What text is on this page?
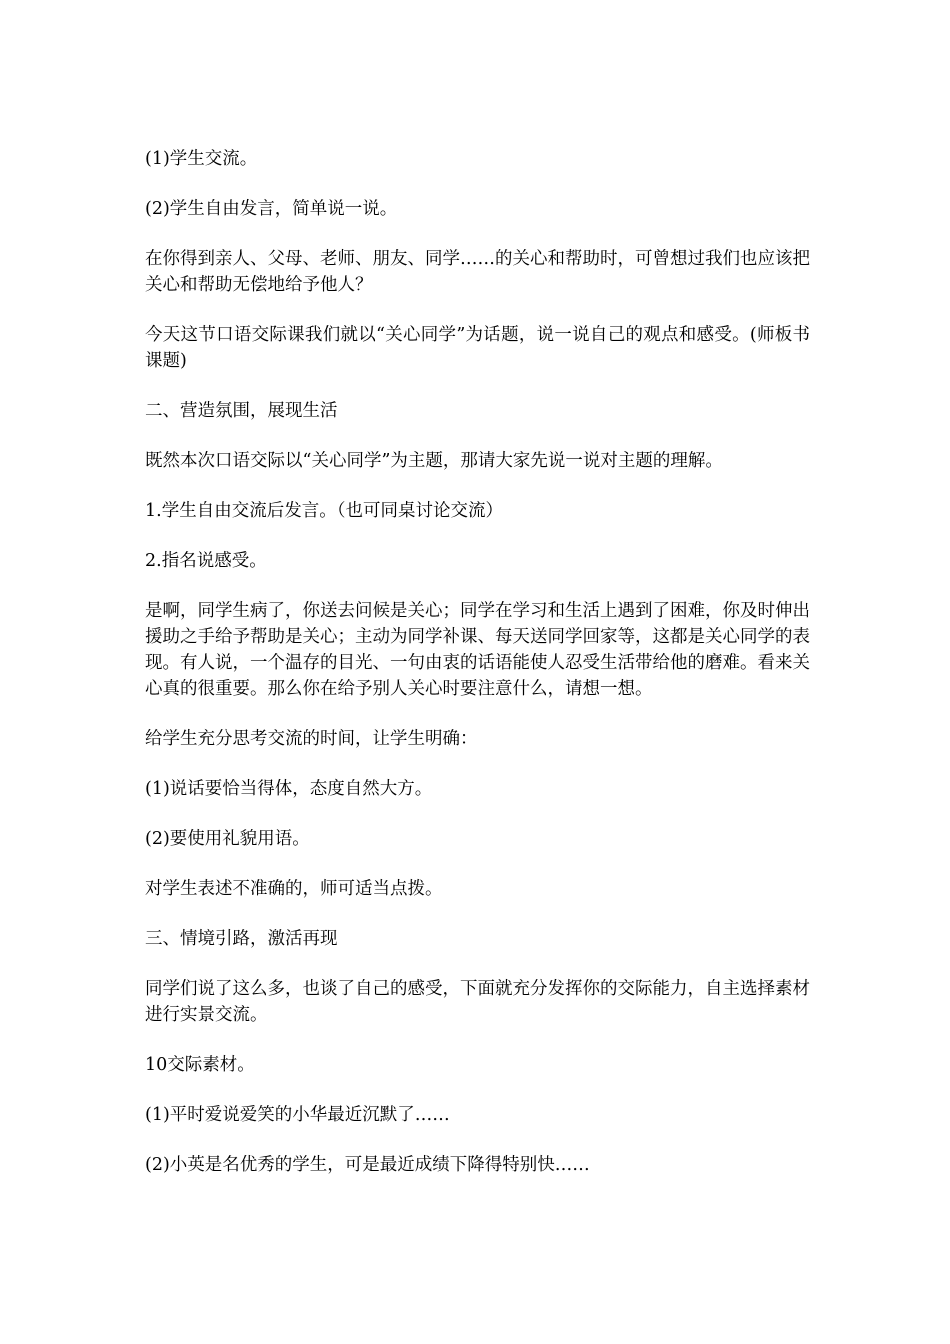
(1)学生交流。

(2)学生自由发言，简单说一说。

在你得到亲人、父母、老师、朋友、同学……的关心和帮助时，可曾想过我们也应该把关心和帮助无偿地给予他人？

今天这节口语交际课我们就以“关心同学”为话题，说一说自己的观点和感受。(师板书课题)

二、营造氛围，展现生活

既然本次口语交际以“关心同学”为主题，那请大家先说一说对主题的理解。

1.学生自由交流后发言。（也可同桌讨论交流）

2.指名说感受。

是啊，同学生病了，你送去问候是关心；同学在学习和生活上遇到了困难，你及时伸出援助之手给予帮助是关心；主动为同学补课、每天送同学回家等，这都是关心同学的表现。有人说，一个温存的目光、一句由衷的话语能使人忍受生活带给他的磨难。看来关心真的很重要。那么你在给予别人关心时要注意什么，请想一想。

给学生充分思考交流的时间，让学生明确：

(1)说话要恰当得体，态度自然大方。

(2)要使用礼貌用语。

对学生表述不准确的，师可适当点拨。

三、情境引路，激活再现

同学们说了这么多，也谈了自己的感受，下面就充分发挥你的交际能力，自主选择素材进行实景交流。

10交际素材。

(1)平时爱说爱笑的小华最近沉默了……

(2)小英是名优秀的学生，可是最近成绩下降得特别快……
